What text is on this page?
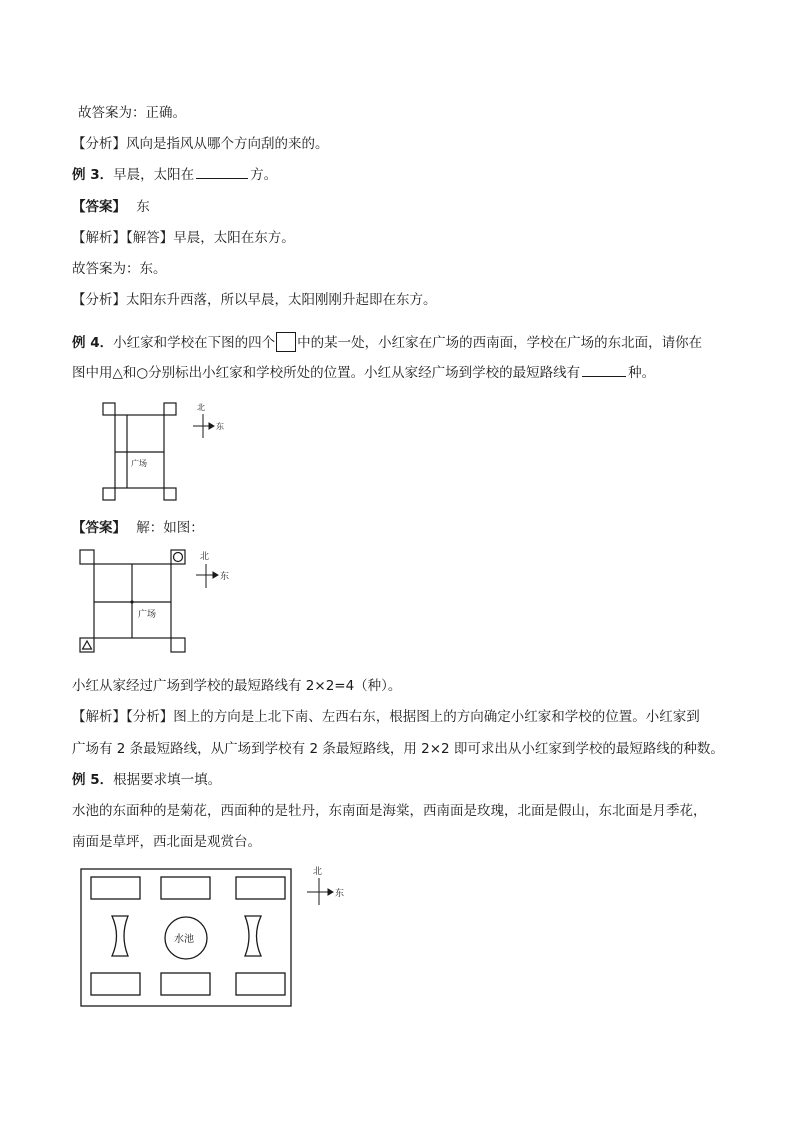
故答案为：正确。
【分析】风向是指风从哪个方向刮的来的。
例 3．早晨，太阳在	方。
【答案】 东
【解析】【解答】早晨，太阳在东方。
故答案为：东。
【分析】太阳东升西落，所以早晨，太阳刚刚升起即在东方。
例 4．小红家和学校在下图的四个 中的某一处，小红家在广场的西南面，学校在广场的东北面，请你在
图中用△和○分别标出小红家和学校所处的位置。小红从家经广场到学校的最短路线有	种。
广场
北
东
【答案】 解：如图：
广场
北
东
小红从家经过广场到学校的最短路线有 2×2=4（种）。
【解析】【分析】图上的方向是上北下南、左西右东，根据图上的方向确定小红家和学校的位置。小红家到
广场有 2 条最短路线，从广场到学校有 2 条最短路线，用 2×2 即可求出从小红家到学校的最短路线的种数。
例 5．根据要求填一填。
水池的东面种的是菊花，西面种的是牡丹，东南面是海棠，西南面是玫瑰，北面是假山，东北面是月季花，
南面是草坪，西北面是观赏台。
水池
北
东
